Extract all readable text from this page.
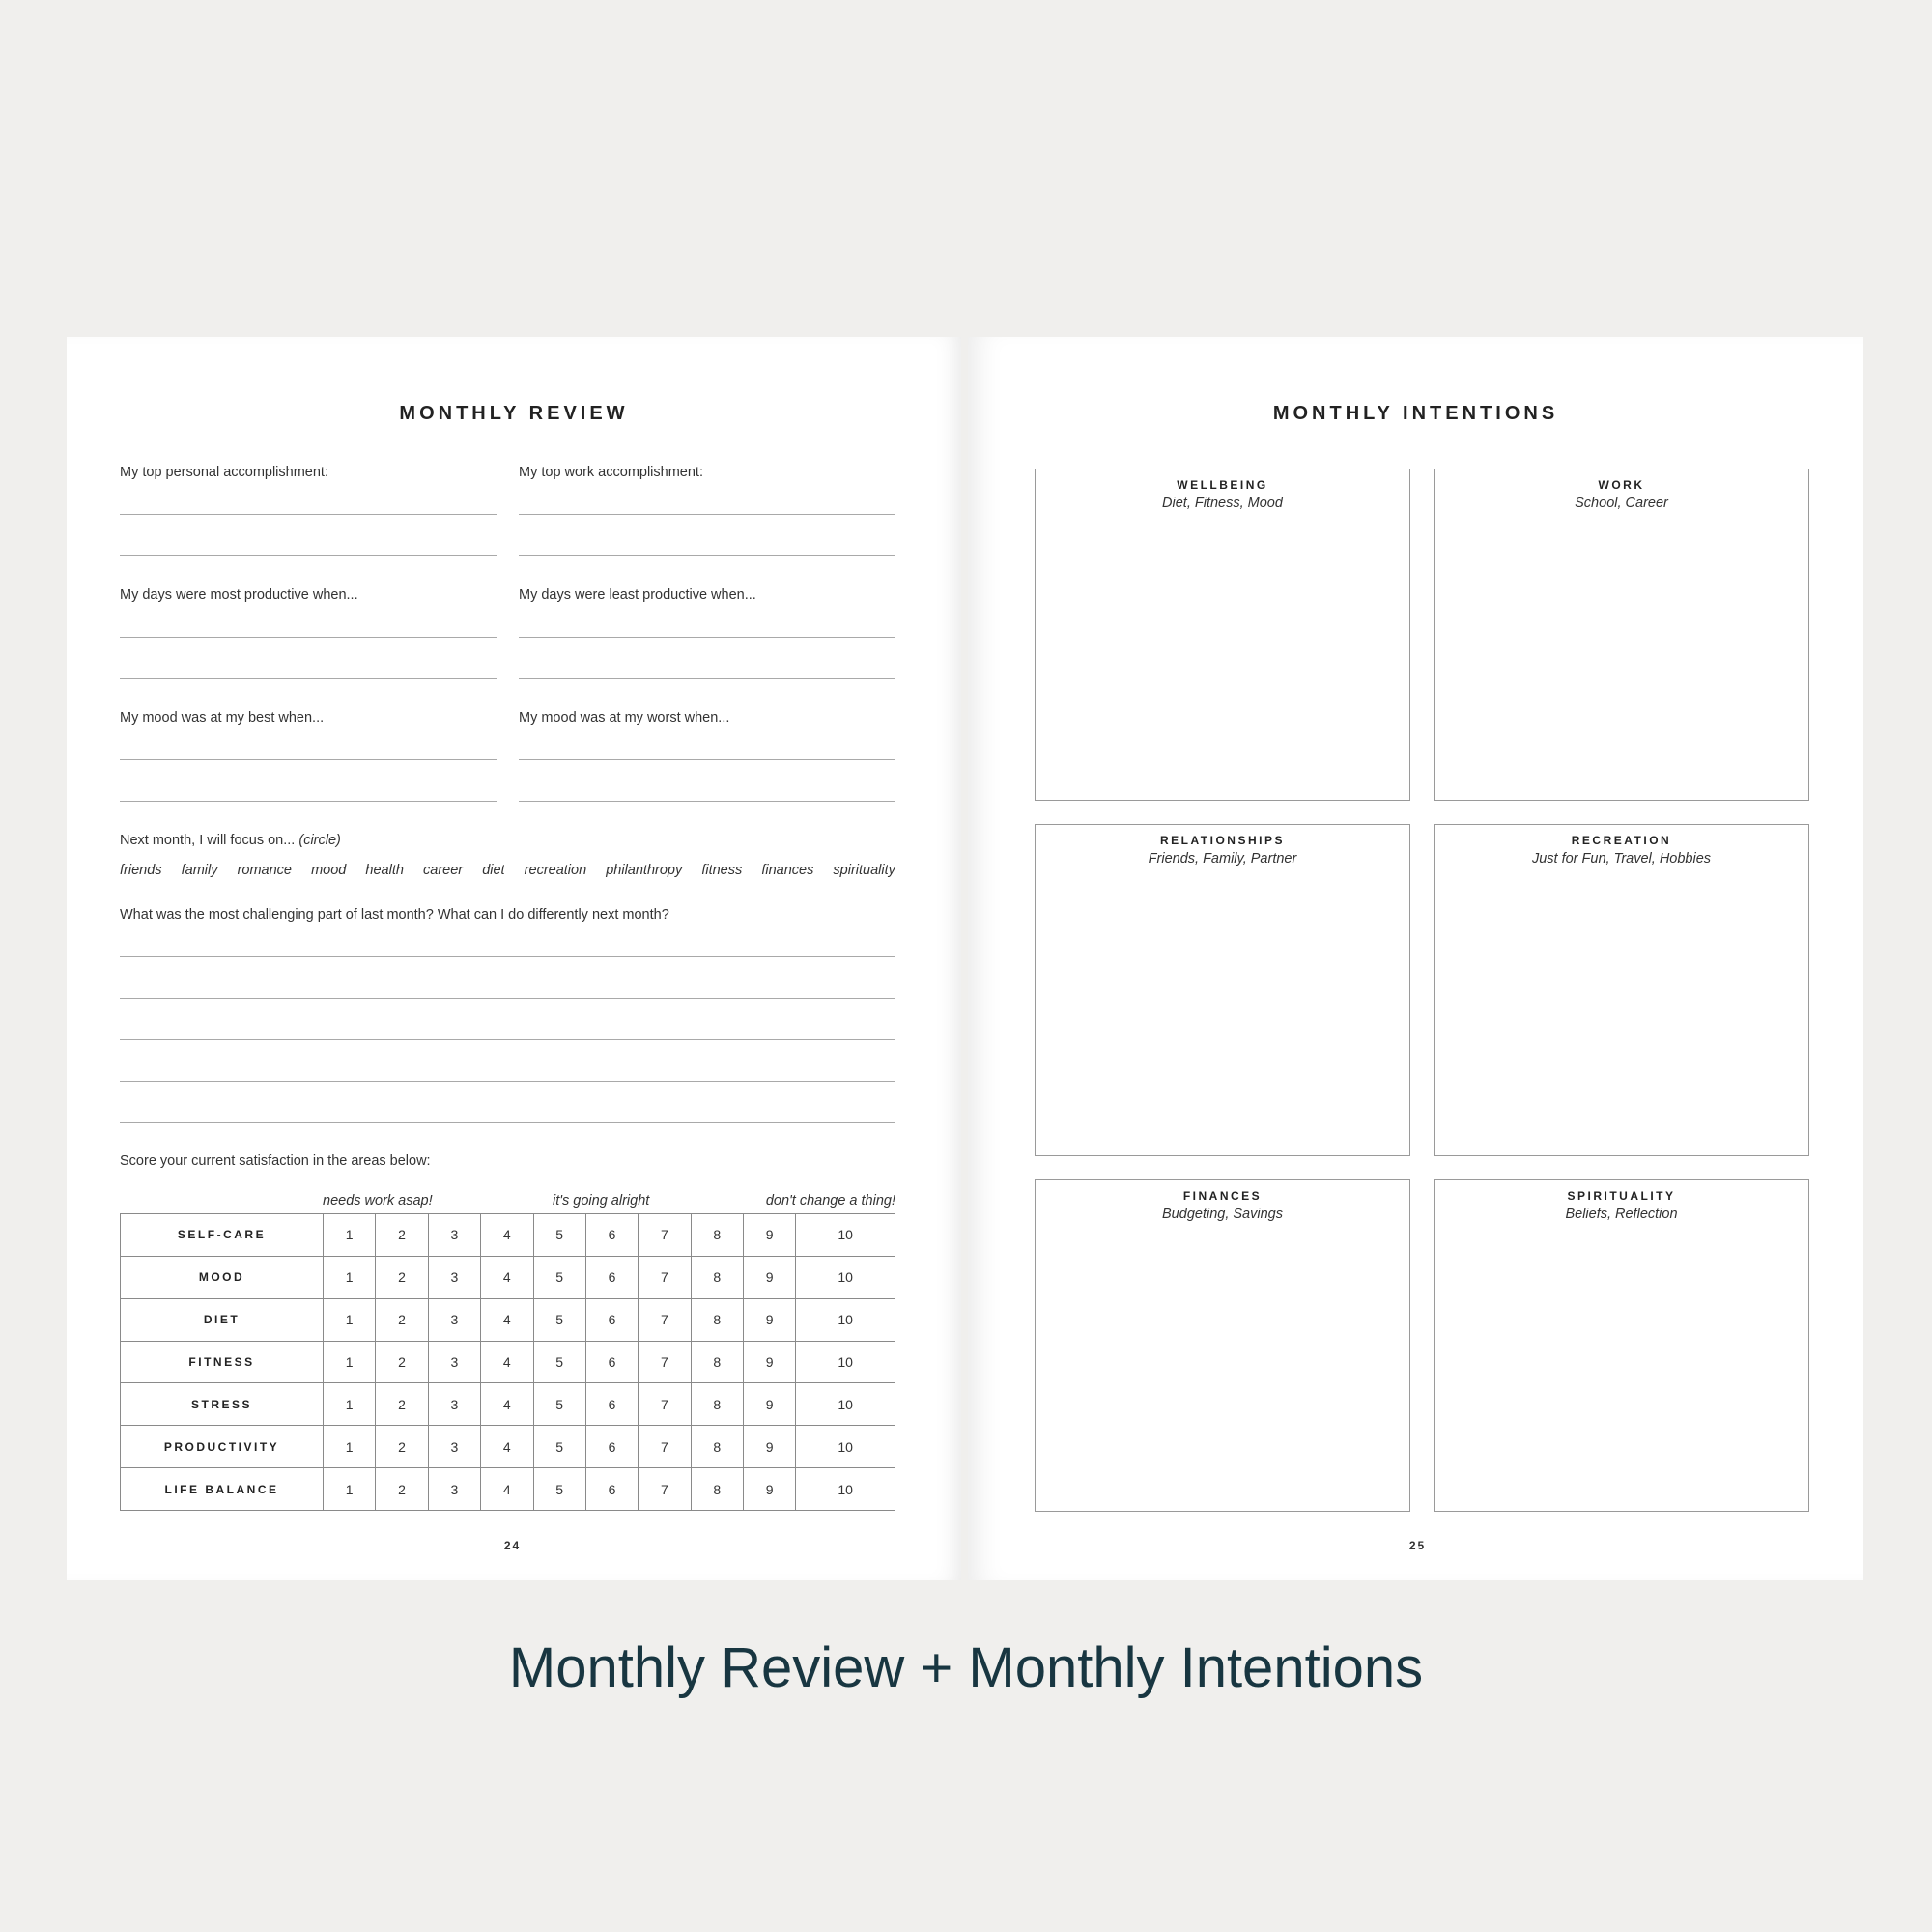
MONTHLY REVIEW
My top personal accomplishment:	My top work accomplishment:
My days were most productive when...	My days were least productive when...
My mood was at my best when...	My mood was at my worst when...
Next month, I will focus on... (circle)
friends family romance mood health career diet recreation philanthropy fitness finances spirituality
What was the most challenging part of last month? What can I do differently next month?
Score your current satisfaction in the areas below:
needs work asap!	it's going alright	don't change a thing!
SELF-CARE	1	2	3	4	5	6	7	8	9	10
MOOD	1	2	3	4	5	6	7	8	9	10
DIET	1	2	3	4	5	6	7	8	9	10
FITNESS	1	2	3	4	5	6	7	8	9	10
STRESS	1	2	3	4	5	6	7	8	9	10
PRODUCTIVITY	1	2	3	4	5	6	7	8	9	10
LIFE BALANCE	1	2	3	4	5	6	7	8	9	10
24
MONTHLY INTENTIONS
WELLBEING
Diet, Fitness, Mood
WORK
School, Career
RELATIONSHIPS
Friends, Family, Partner
RECREATION
Just for Fun, Travel, Hobbies
FINANCES
Budgeting, Savings
SPIRITUALITY
Beliefs, Reflection
25
Monthly Review + Monthly Intentions
